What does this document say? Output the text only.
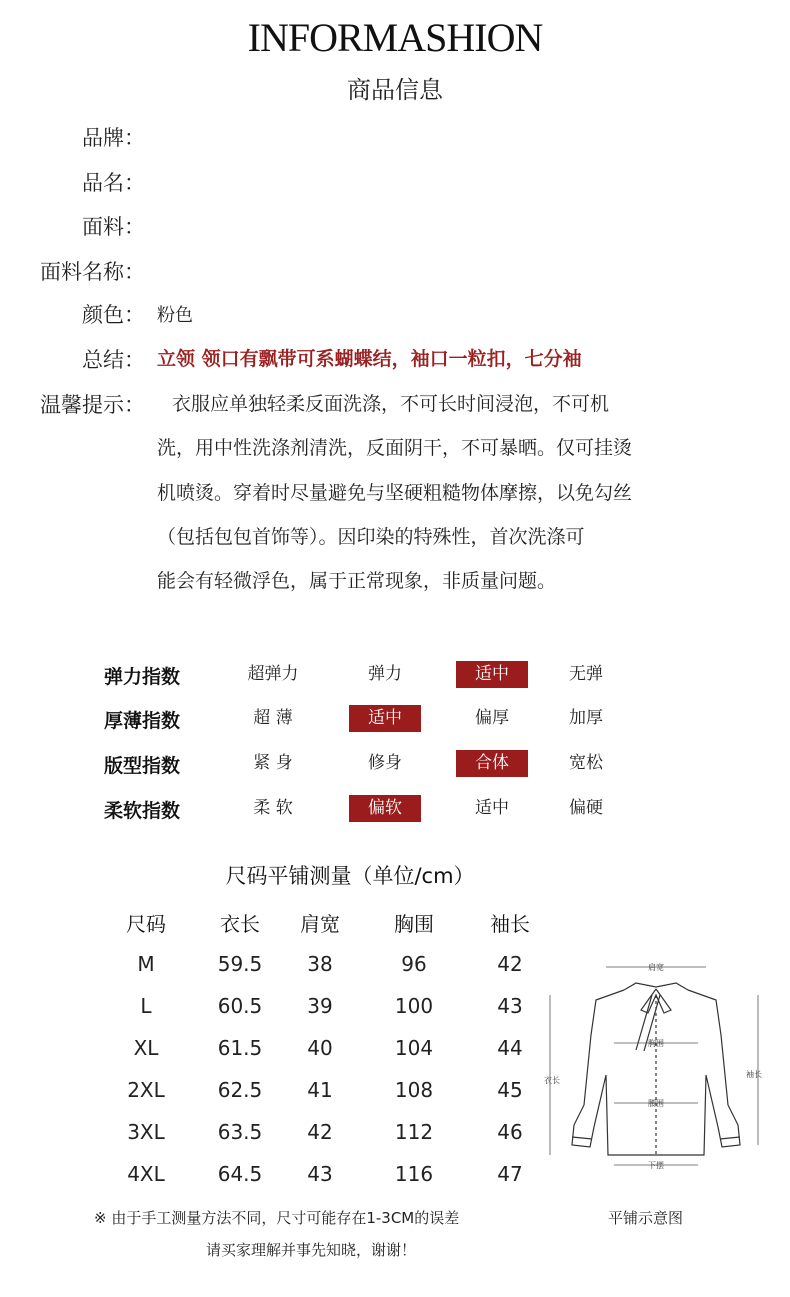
INFORMASHION
商品信息
品牌：
品名：
面料：
面料名称：
颜色： 粉色
总结： 立领 领口有飘带可系蝴蝶结，袖口一粒扣，七分袖
温馨提示： 衣服应单独轻柔反面洗涤，不可长时间浸泡，不可机
洗，用中性洗涤剂清洗，反面阴干，不可暴晒。仅可挂烫
机喷烫。穿着时尽量避免与坚硬粗糙物体摩擦，以免勾丝
（包括包包首饰等）。因印染的特殊性，首次洗涤可
能会有轻微浮色，属于正常现象，非质量问题。
弹力指数	超弹力	弹力	适中	无弹
厚薄指数	超 薄	适中	偏厚	加厚
版型指数	紧 身	修身	合体	宽松
柔软指数	柔 软	偏软	适中	偏硬
尺码平铺测量（单位/cm）
尺码	衣长	肩宽	胸围	袖长
M	59.5	38	96	42
L	60.5	39	100	43
XL	61.5	40	104	44
2XL	62.5	41	108	45
3XL	63.5	42	112	46
4XL	64.5	43	116	47
肩宽
胸围
腰围
下摆
衣长
袖长
平铺示意图
※ 由于手工测量方法不同，尺寸可能存在1-3CM的误差
请买家理解并事先知晓，谢谢！
